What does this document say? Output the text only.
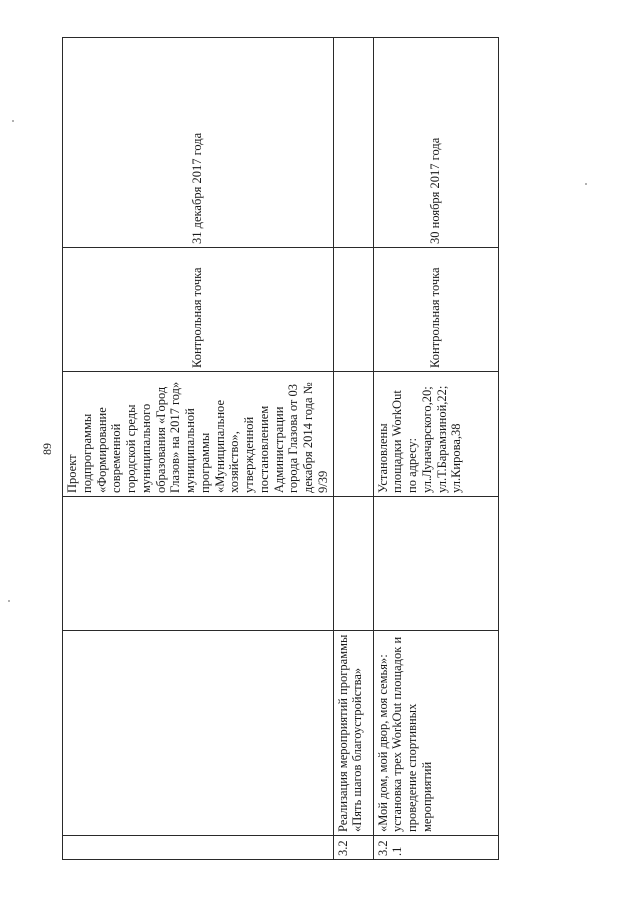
89
			Проект подпрограммы «Формирование современной городской среды муниципального образования «Город Глазов» на 2017 год» муниципальной программы «Муниципальное хозяйство», утвержденной постановлением Администрации города Глазова от 03 декабря 2014 года № 9/39	Контрольная точка	31 декабря 2017 года
3.2	Реализация мероприятий программы «Пять шагов благоустройства»				
3.2.1	«Мой дом, мой двор, моя семья»: установка трех WorkOut площадок и проведение спортивных мероприятий		Установлены площадки WorkOut по адресу: ул.Луначарского,20; ул.Т.Барамзиной,22; ул.Кирова,38	Контрольная точка	30 ноября 2017 года
